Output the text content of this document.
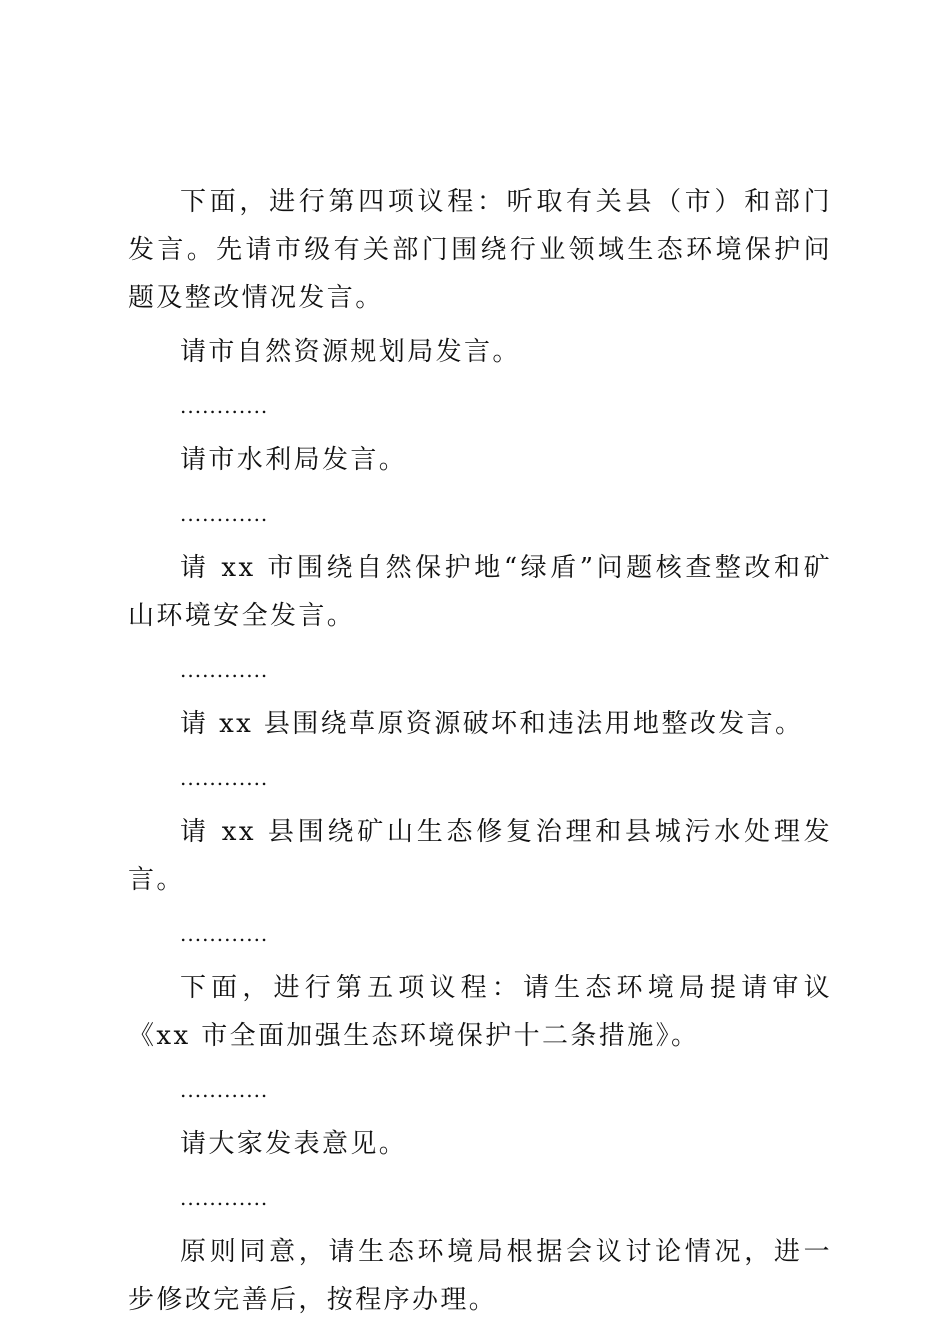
下面，进行第四项议程：听取有关县（市）和部门发言。先请市级有关部门围绕行业领域生态环境保护问题及整改情况发言。

请市自然资源规划局发言。

............

请市水利局发言。

............

请 xx 市围绕自然保护地“绿盾”问题核查整改和矿山环境安全发言。

............

请 xx 县围绕草原资源破坏和违法用地整改发言。

............

请 xx 县围绕矿山生态修复治理和县城污水处理发言。

............

下面，进行第五项议程：请生态环境局提请审议《xx 市全面加强生态环境保护十二条措施》。

............

请大家发表意见。

............

原则同意，请生态环境局根据会议讨论情况，进一步修改完善后，按程序办理。
